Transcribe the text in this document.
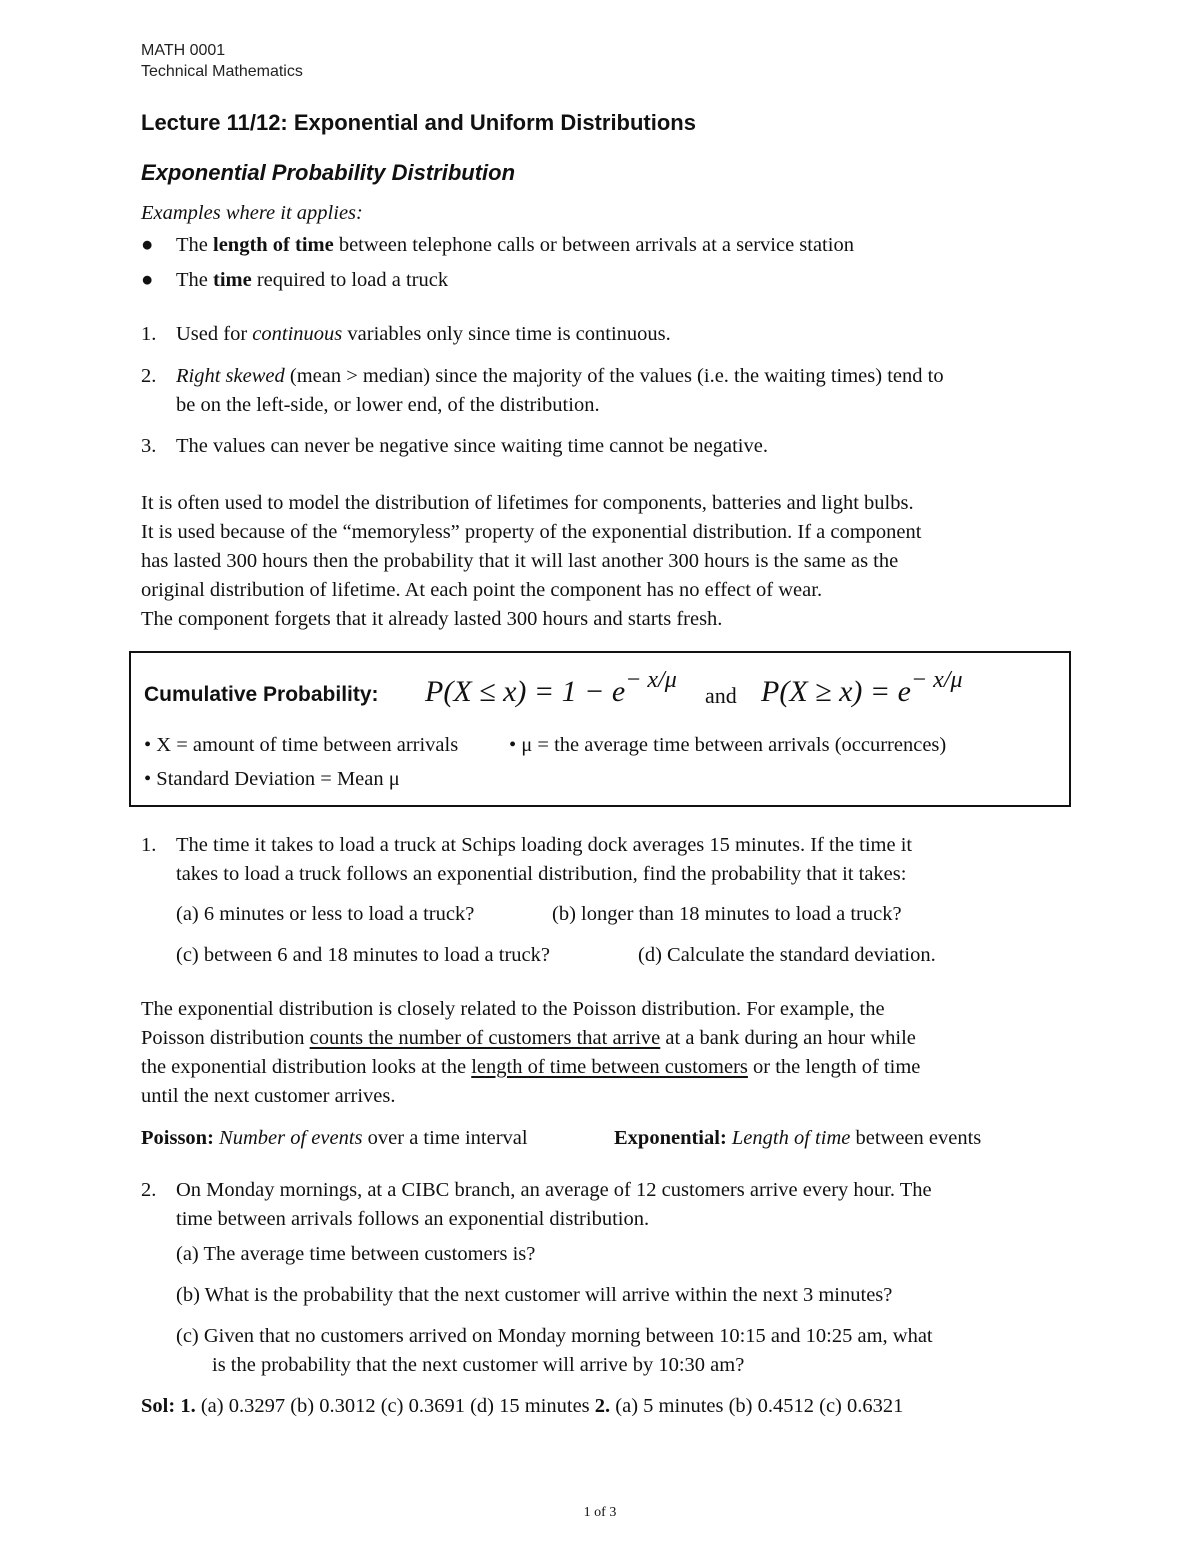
MATH 0001
Technical Mathematics
Lecture 11/12: Exponential and Uniform Distributions
Exponential Probability Distribution
Examples where it applies:
● The length of time between telephone calls or between arrivals at a service station
● The time required to load a truck
1. Used for continuous variables only since time is continuous.
2. Right skewed (mean > median) since the majority of the values (i.e. the waiting times) tend to
be on the left-side, or lower end, of the distribution.
3. The values can never be negative since waiting time cannot be negative.
It is often used to model the distribution of lifetimes for components, batteries and light bulbs.
It is used because of the “memoryless” property of the exponential distribution. If a component
has lasted 300 hours then the probability that it will last another 300 hours is the same as the
original distribution of lifetime. At each point the component has no effect of wear.
The component forgets that it already lasted 300 hours and starts fresh.
Cumulative Probability: $P(X \le x) = 1 - e^{- x/\mu}$
and $P(X \ge x) = e^{- x/\mu}$
• X = amount of time between arrivals • μ = the average time between arrivals (occurrences)
• Standard Deviation = Mean μ
1. The time it takes to load a truck at Schips loading dock averages 15 minutes. If the time it
takes to load a truck follows an exponential distribution, find the probability that it takes:
(a) 6 minutes or less to load a truck?	(b) longer than 18 minutes to load a truck?
(c) between 6 and 18 minutes to load a truck?	(d) Calculate the standard deviation.
The exponential distribution is closely related to the Poisson distribution. For example, the
Poisson distribution counts the number of customers that arrive at a bank during an hour while
the exponential distribution looks at the length of time between customers or the length of time
until the next customer arrives.
Poisson: Number of events over a time interval	Exponential: Length of time between events
2. On Monday mornings, at a CIBC branch, an average of 12 customers arrive every hour. The
time between arrivals follows an exponential distribution.
(a) The average time between customers is?
(b) What is the probability that the next customer will arrive within the next 3 minutes?
(c) Given that no customers arrived on Monday morning between 10:15 and 10:25 am, what
is the probability that the next customer will arrive by 10:30 am?
Sol: 1. (a) 0.3297 (b) 0.3012 (c) 0.3691 (d) 15 minutes 2. (a) 5 minutes (b) 0.4512 (c) 0.6321
1 of 3
